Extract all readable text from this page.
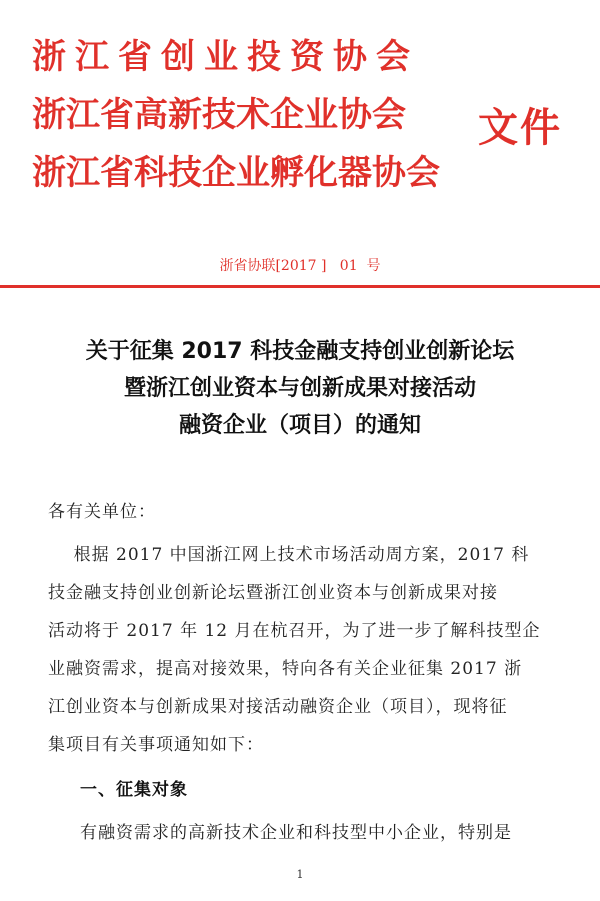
浙江省创业投资协会
浙江省高新技术企业协会
浙江省科技企业孵化器协会
文件
浙省协联[2017 ]   01  号
关于征集 2017 科技金融支持创业创新论坛
暨浙江创业资本与创新成果对接活动
融资企业（项目）的通知
各有关单位：
根据 2017 中国浙江网上技术市场活动周方案，2017 科
技金融支持创业创新论坛暨浙江创业资本与创新成果对接
活动将于 2017 年 12 月在杭召开，为了进一步了解科技型企
业融资需求，提高对接效果，特向各有关企业征集 2017 浙
江创业资本与创新成果对接活动融资企业（项目），现将征
集项目有关事项通知如下：
一、征集对象
有融资需求的高新技术企业和科技型中小企业，特别是
1
